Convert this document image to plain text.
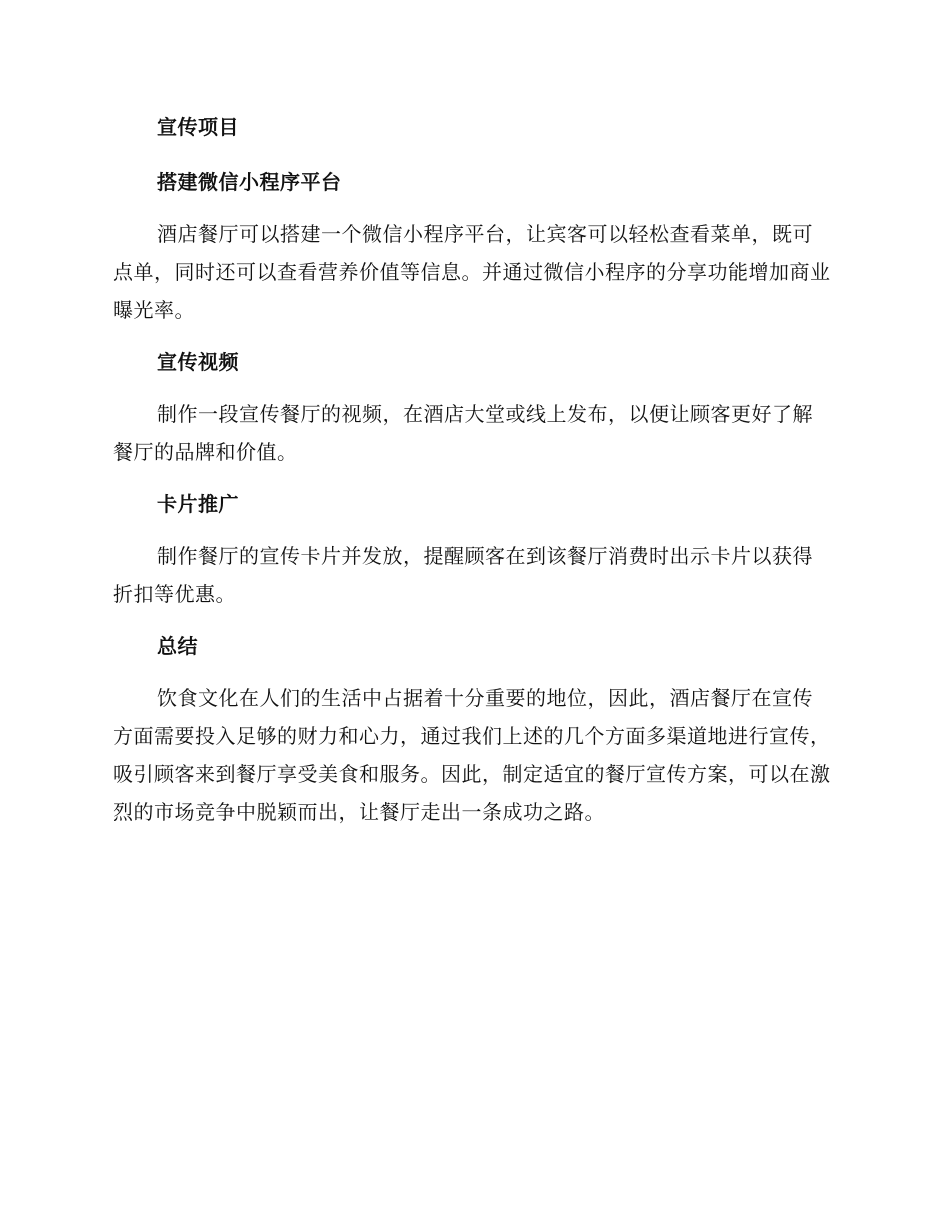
宣传项目
搭建微信小程序平台

酒店餐厅可以搭建一个微信小程序平台，让宾客可以轻松查看菜单，既可点单，同时还可以查看营养价值等信息。并通过微信小程序的分享功能增加商业曝光率。

宣传视频

制作一段宣传餐厅的视频，在酒店大堂或线上发布，以便让顾客更好了解餐厅的品牌和价值。

卡片推广

制作餐厅的宣传卡片并发放，提醒顾客在到该餐厅消费时出示卡片以获得折扣等优惠。

总结

饮食文化在人们的生活中占据着十分重要的地位，因此，酒店餐厅在宣传方面需要投入足够的财力和心力，通过我们上述的几个方面多渠道地进行宣传，吸引顾客来到餐厅享受美食和服务。因此，制定适宜的餐厅宣传方案，可以在激烈的市场竞争中脱颖而出，让餐厅走出一条成功之路。
